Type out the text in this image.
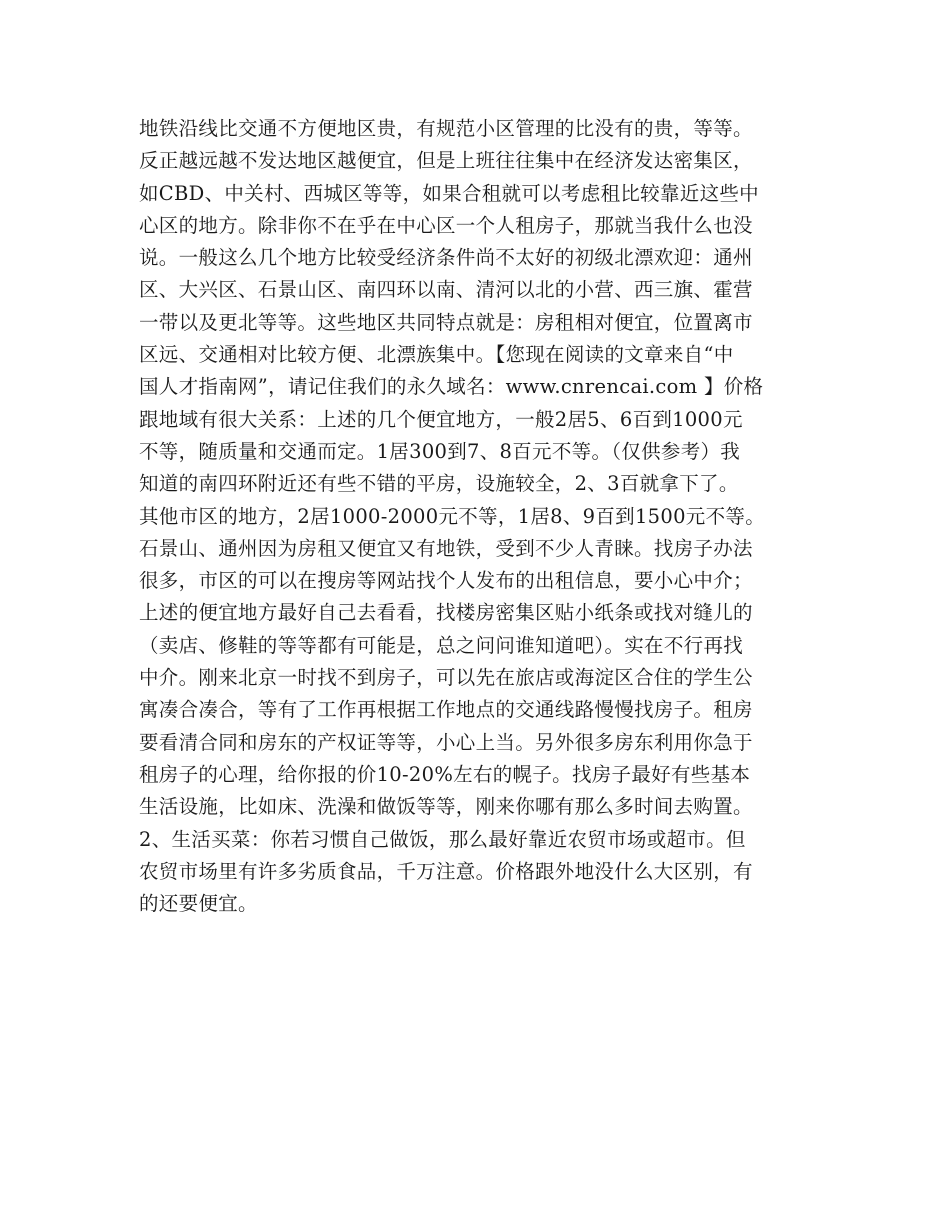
地铁沿线比交通不方便地区贵，有规范小区管理的比没有的贵，等等。
反正越远越不发达地区越便宜，但是上班往往集中在经济发达密集区，
如CBD、中关村、西城区等等，如果合租就可以考虑租比较靠近这些中
心区的地方。除非你不在乎在中心区一个人租房子，那就当我什么也没
说。一般这么几个地方比较受经济条件尚不太好的初级北漂欢迎：通州
区、大兴区、石景山区、南四环以南、清河以北的小营、西三旗、霍营
一带以及更北等等。这些地区共同特点就是：房租相对便宜，位置离市
区远、交通相对比较方便、北漂族集中。【您现在阅读的文章来自“中
国人才指南网”，请记住我们的永久域名：www.cnrencai.com 】价格
跟地域有很大关系：上述的几个便宜地方，一般2居5、6百到1000元
不等，随质量和交通而定。1居300到7、8百元不等。（仅供参考）我
知道的南四环附近还有些不错的平房，设施较全，2、3百就拿下了。
其他市区的地方，2居1000-2000元不等，1居8、9百到1500元不等。
石景山、通州因为房租又便宜又有地铁，受到不少人青睐。找房子办法
很多，市区的可以在搜房等网站找个人发布的出租信息，要小心中介；
上述的便宜地方最好自己去看看，找楼房密集区贴小纸条或找对缝儿的
（卖店、修鞋的等等都有可能是，总之问问谁知道吧）。实在不行再找
中介。刚来北京一时找不到房子，可以先在旅店或海淀区合住的学生公
寓凑合凑合，等有了工作再根据工作地点的交通线路慢慢找房子。租房
要看清合同和房东的产权证等等，小心上当。另外很多房东利用你急于
租房子的心理，给你报的价10-20%左右的幌子。找房子最好有些基本
生活设施，比如床、洗澡和做饭等等，刚来你哪有那么多时间去购置。
2、生活买菜：你若习惯自己做饭，那么最好靠近农贸市场或超市。但
农贸市场里有许多劣质食品，千万注意。价格跟外地没什么大区别，有
的还要便宜。
